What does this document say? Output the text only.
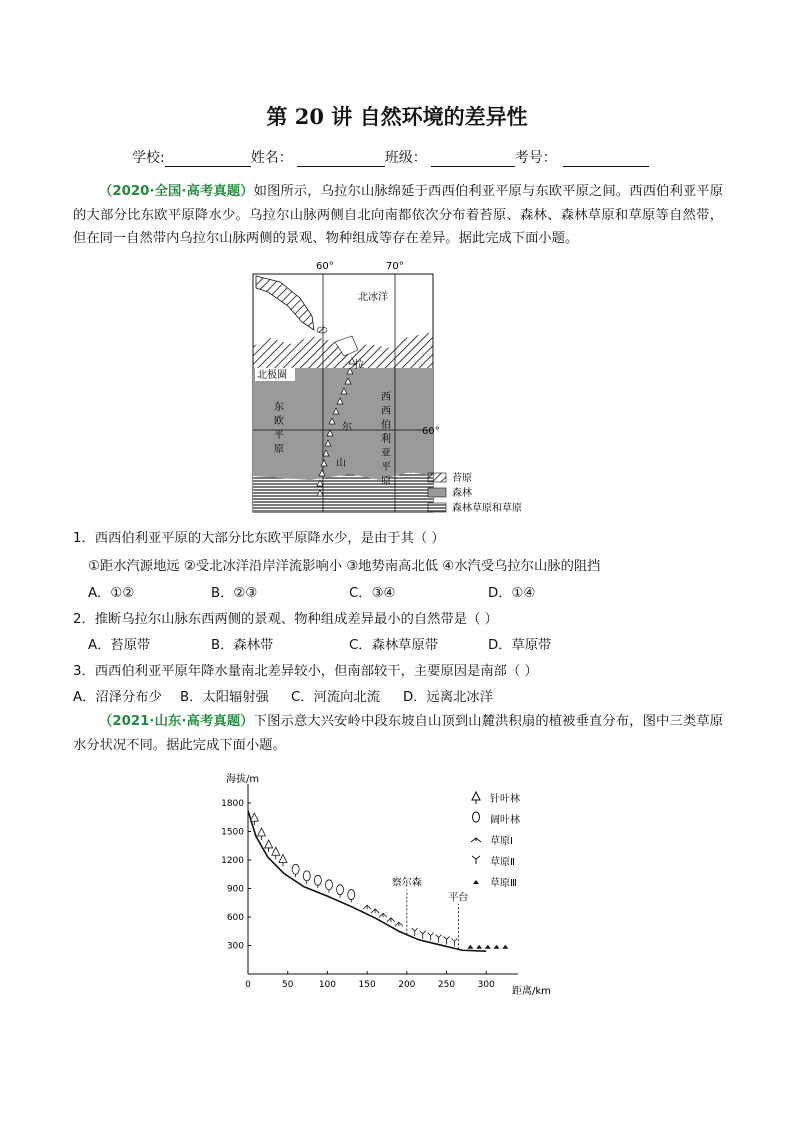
第 20 讲 自然环境的差异性
学校:	姓名：	班级：	考号：
（2020·全国·高考真题）如图所示，乌拉尔山脉绵延于西西伯利亚平原与东欧平原之间。西西伯利亚平原的大部分比东欧平原降水少。乌拉尔山脉两侧自北向南都依次分布着苔原、森林、森林草原和草原等自然带，但在同一自然带内乌拉尔山脉两侧的景观、物种组成等存在差异。据此完成下面小题。
60°	70°
60°
北冰洋
北极圈
东
欧
平
原
拉
尔
山
西
西
伯
利
亚
平
原	苔原
森林
森林草原和草原
1．西西伯利亚平原的大部分比东欧平原降水少，是由于其（ ）
①距水汽源地远 ②受北冰洋沿岸洋流影响小 ③地势南高北低 ④水汽受乌拉尔山脉的阻挡
A．①②	B．②③	C．③④	D．①④
2．推断乌拉尔山脉东西两侧的景观、物种组成差异最小的自然带是（ ）
A．苔原带	B．森林带	C．森林草原带	D．草原带
3．西西伯利亚平原年降水量南北差异较小，但南部较干，主要原因是南部（ ）
A．沼泽分布少 B．太阳辐射强 C．河流向北流 D．远离北冰洋
（2021·山东·高考真题）下图示意大兴安岭中段东坡自山顶到山麓洪积扇的植被垂直分布，图中三类草原水分状况不同。据此完成下面小题。
海拔/m
距离/km
0	50	100	150	200	250	300
300
600
900
1200
1500
1800
察尔森
平台
针叶林
阔叶林
草原Ⅰ
草原Ⅱ
草原Ⅲ
